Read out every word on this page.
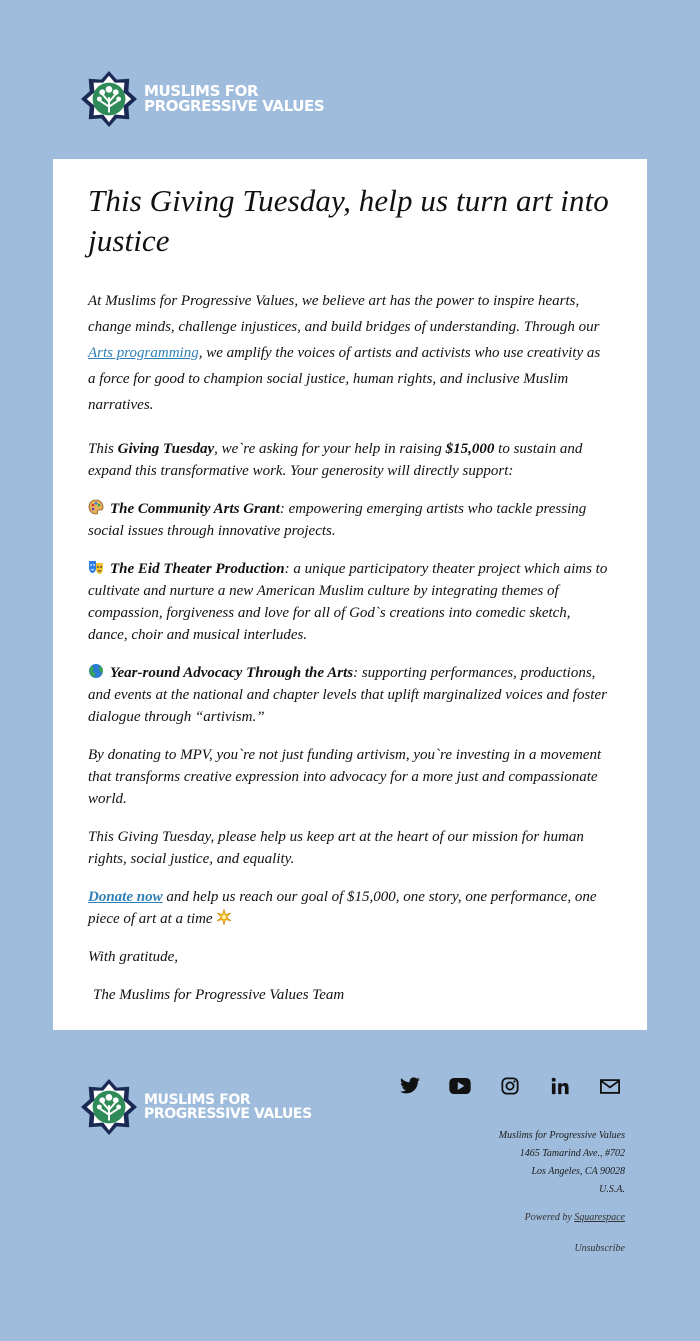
MUSLIMS FOR
PROGRESSIVE VALUES
This Giving Tuesday, help us turn art into justice

At Muslims for Progressive Values, we believe art has the power to inspire hearts, change minds, challenge injustices, and build bridges of understanding. Through our Arts programming, we amplify the voices of artists and activists who use creativity as a force for good to champion social justice, human rights, and inclusive Muslim narratives.

This Giving Tuesday, we`re asking for your help in raising $15,000 to sustain and expand this transformative work. Your generosity will directly support:

The Community Arts Grant: empowering emerging artists who tackle pressing social issues through innovative projects.

The Eid Theater Production: a unique participatory theater project which aims to cultivate and nurture a new American Muslim culture by integrating themes of compassion, forgiveness and love for all of God`s creations into comedic sketch, dance, choir and musical interludes.

Year-round Advocacy Through the Arts: supporting performances, productions, and events at the national and chapter levels that uplift marginalized voices and foster dialogue through “artivism.”

By donating to MPV, you`re not just funding artivism, you`re investing in a movement that transforms creative expression into advocacy for a more just and compassionate world.

This Giving Tuesday, please help us keep art at the heart of our mission for human rights, social justice, and equality.

Donate now and help us reach our goal of $15,000, one story, one performance, one piece of art at a time

With gratitude,

The Muslims for Progressive Values Team

MUSLIMS FOR
PROGRESSIVE VALUES
Muslims for Progressive Values
1465 Tamarind Ave., #702
Los Angeles, CA 90028
U.S.A.
Powered by Squarespace
Unsubscribe
